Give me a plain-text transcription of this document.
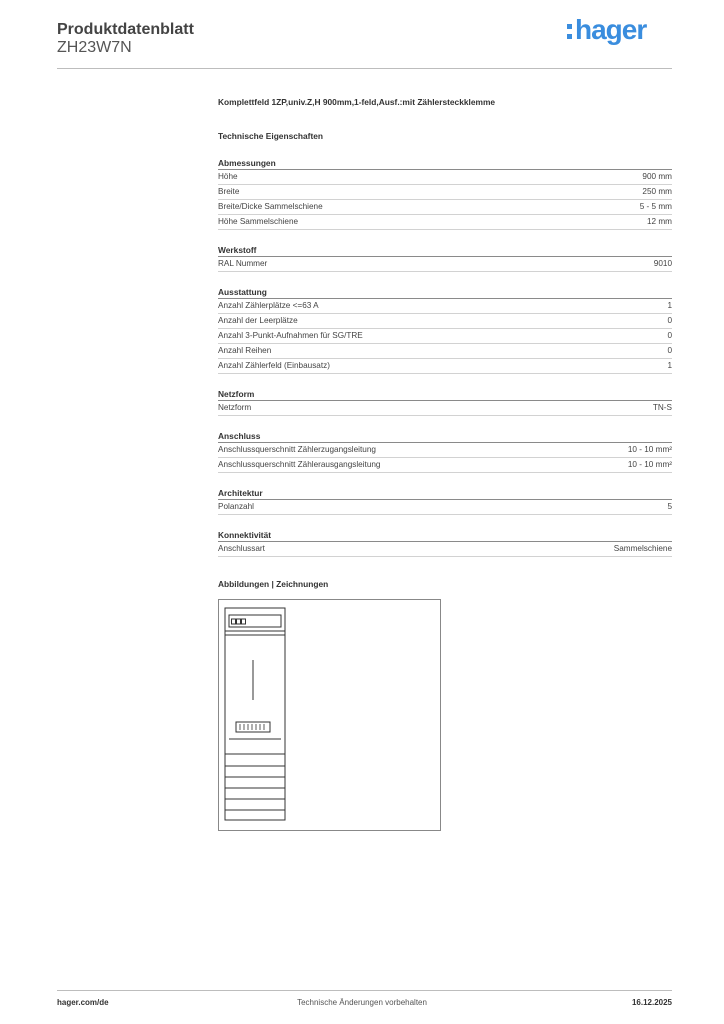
Produktdatenblatt
ZH23W7N
hager
Komplettfeld 1ZP,univ.Z,H 900mm,1-feld,Ausf.:mit Zählersteckklemme
Technische Eigenschaften
Abmessungen
Höhe	900 mm
Breite	250 mm
Breite/Dicke Sammelschiene	5 - 5 mm
Höhe Sammelschiene	12 mm
Werkstoff
RAL Nummer	9010
Ausstattung
Anzahl Zählerplätze <=63 A	1
Anzahl der Leerplätze	0
Anzahl 3-Punkt-Aufnahmen für SG/TRE	0
Anzahl Reihen	0
Anzahl Zählerfeld (Einbausatz)	1
Netzform
Netzform	TN-S
Anschluss
Anschlussquerschnitt Zählerzugangsleitung	10 - 10 mm²
Anschlussquerschnitt Zählerausgangsleitung	10 - 10 mm²
Architektur
Polanzahl	5
Konnektivität
Anschlussart	Sammelschiene
Abbildungen | Zeichnungen
hager.com/de	Technische Änderungen vorbehalten	16.12.2025
